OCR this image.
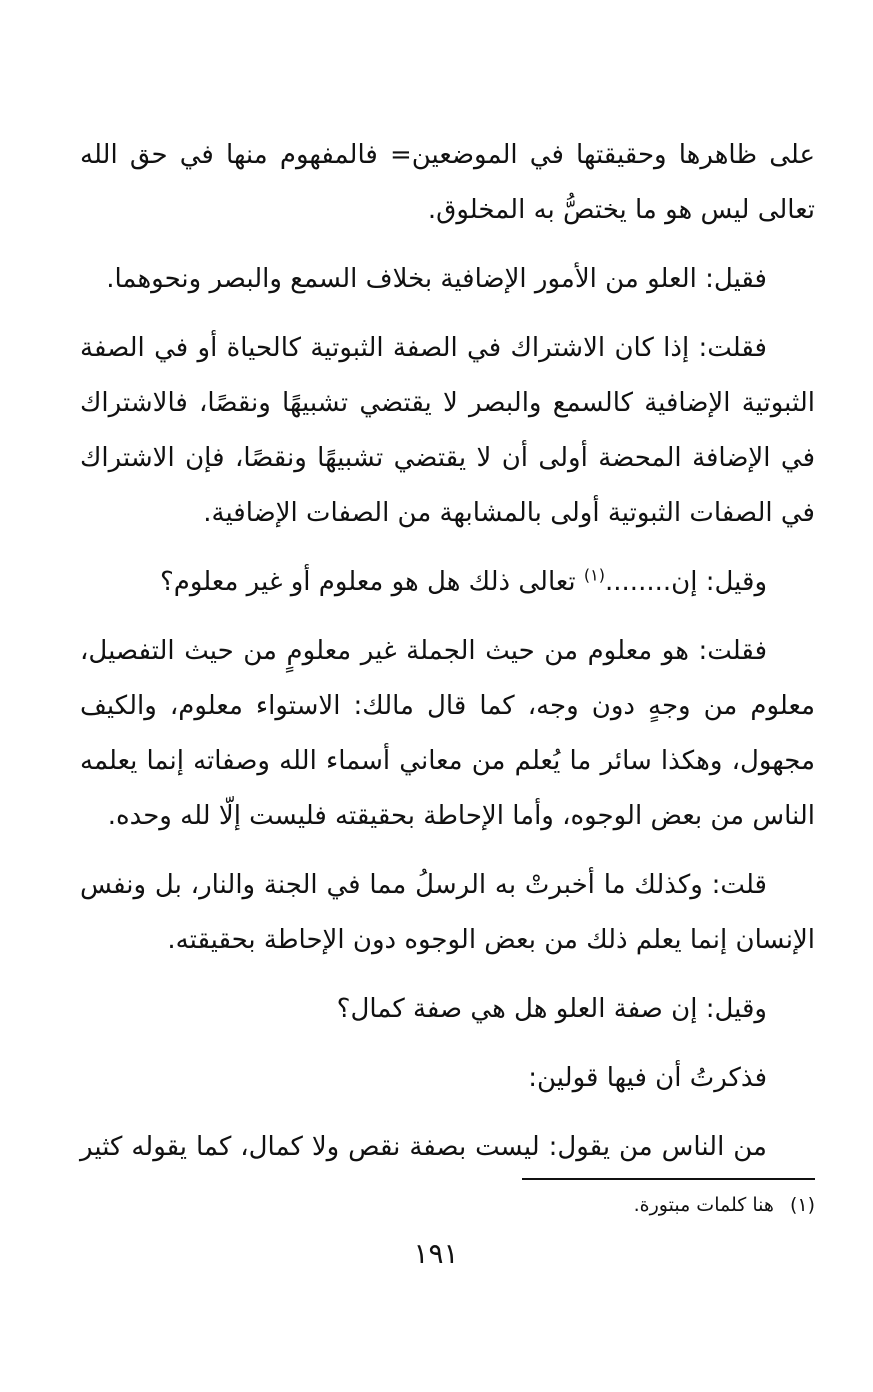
على ظاهرها وحقيقتها في الموضعين= فالمفهوم منها في حق الله تعالى ليس هو ما يختصُّ به المخلوق.

فقيل: العلو من الأمور الإضافية بخلاف السمع والبصر ونحوهما.

فقلت: إذا كان الاشتراك في الصفة الثبوتية كالحياة أو في الصفة الثبوتية الإضافية كالسمع والبصر لا يقتضي تشبيهًا ونقصًا، فالاشتراك في الإضافة المحضة أولى أن لا يقتضي تشبيهًا ونقصًا، فإن الاشتراك في الصفات الثبوتية أولى بالمشابهة من الصفات الإضافية.

وقيل: إن........$^{(١)}$ تعالى ذلك هل هو معلوم أو غير معلوم؟

فقلت: هو معلوم من حيث الجملة غير معلومٍ من حيث التفصيل، معلوم من وجهٍ دون وجه، كما قال مالك: الاستواء معلوم، والكيف مجهول، وهكذا سائر ما يُعلم من معاني أسماء الله وصفاته إنما يعلمه الناس من بعض الوجوه، وأما الإحاطة بحقيقته فليست إلّا لله وحده.

قلت: وكذلك ما أخبرتْ به الرسلُ مما في الجنة والنار، بل ونفس الإنسان إنما يعلم ذلك من بعض الوجوه دون الإحاطة بحقيقته.

وقيل: إن صفة العلو هل هي صفة كمال؟

فذكرتُ أن فيها قولين:

من الناس من يقول: ليست بصفة نقص ولا كمال، كما يقوله كثير

(١) هنا كلمات مبتورة.
١٩١
